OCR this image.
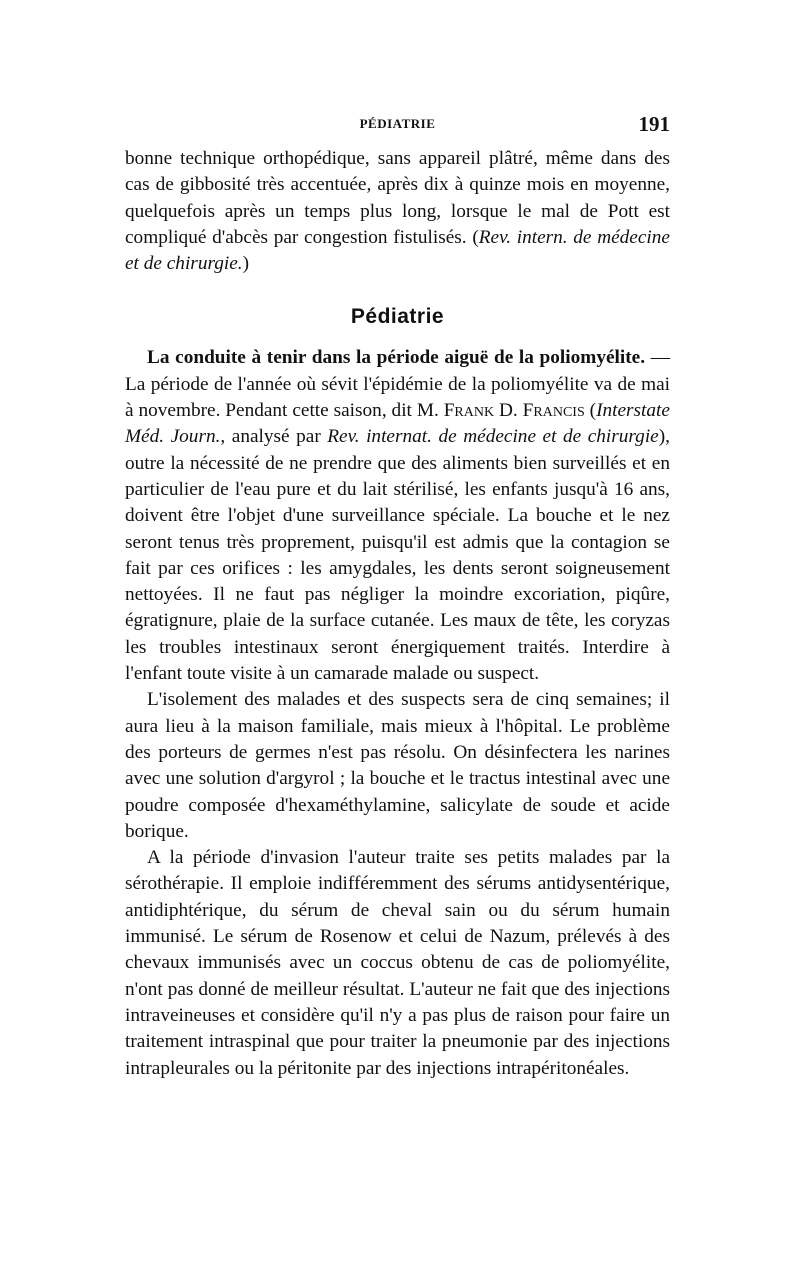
PÉDIATRIE	191

bonne technique orthopédique, sans appareil plâtré, même dans des cas de gibbosité très accentuée, après dix à quinze mois en moyenne, quelquefois après un temps plus long, lorsque le mal de Pott est compliqué d'abcès par congestion fistulisés. (Rev. intern. de médecine et de chirurgie.)

Pédiatrie

La conduite à tenir dans la période aiguë de la poliomyélite. — La période de l'année où sévit l'épidémie de la poliomyélite va de mai à novembre. Pendant cette saison, dit M. Frank D. Francis (Interstate Méd. Journ., analysé par Rev. internat. de médecine et de chirurgie), outre la nécessité de ne prendre que des aliments bien surveillés et en particulier de l'eau pure et du lait stérilisé, les enfants jusqu'à 16 ans, doivent être l'objet d'une surveillance spéciale. La bouche et le nez seront tenus très proprement, puisqu'il est admis que la contagion se fait par ces orifices : les amygdales, les dents seront soigneusement nettoyées. Il ne faut pas négliger la moindre excoriation, piqûre, égratignure, plaie de la surface cutanée. Les maux de tête, les coryzas les troubles intestinaux seront énergiquement traités. Interdire à l'enfant toute visite à un camarade malade ou suspect.

L'isolement des malades et des suspects sera de cinq semaines; il aura lieu à la maison familiale, mais mieux à l'hôpital. Le problème des porteurs de germes n'est pas résolu. On désinfectera les narines avec une solution d'argyrol ; la bouche et le tractus intestinal avec une poudre composée d'hexaméthylamine, salicylate de soude et acide borique.

A la période d'invasion l'auteur traite ses petits malades par la sérothérapie. Il emploie indifféremment des sérums antidysentérique, antidiphtérique, du sérum de cheval sain ou du sérum humain immunisé. Le sérum de Rosenow et celui de Nazum, prélevés à des chevaux immunisés avec un coccus obtenu de cas de poliomyélite, n'ont pas donné de meilleur résultat. L'auteur ne fait que des injections intraveineuses et considère qu'il n'y a pas plus de raison pour faire un traitement intraspinal que pour traiter la pneumonie par des injections intrapleurales ou la péritonite par des injections intrapéritonéales.
